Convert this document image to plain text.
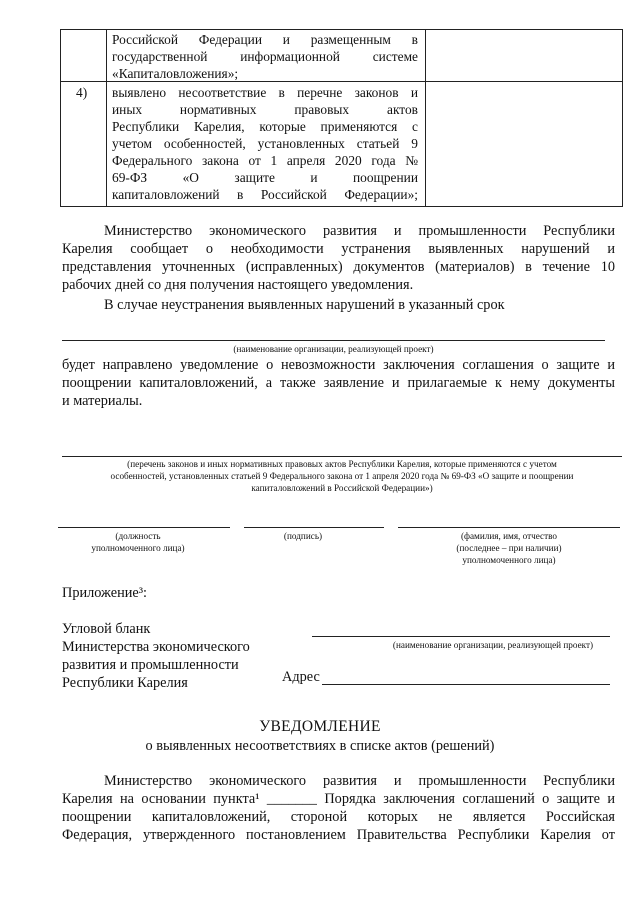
Российской Федерации и размещенным в
государственной информационной системе
«Капиталовложения»;
4) выявлено несоответствие в перечне законов и
иных нормативных правовых актов
Республики Карелия, которые применяются с
учетом особенностей, установленных статьей 9
Федерального закона от 1 апреля 2020 года №
69-ФЗ «О защите и поощрении
капиталовложений в Российской Федерации»;
Министерство экономического развития и промышленности Республики
Карелия сообщает о необходимости устранения выявленных нарушений и
представления уточненных (исправленных) документов (материалов) в течение 10
рабочих дней со дня получения настоящего уведомления.
В случае неустранения выявленных нарушений в указанный срок
(наименование организации, реализующей проект)
будет направлено уведомление о невозможности заключения соглашения о защите и
поощрении капиталовложений, а также заявление и прилагаемые к нему документы
и материалы.
(перечень законов и иных нормативных правовых актов Республики Карелия, которые применяются с учетом
особенностей, установленных статьей 9 Федерального закона от 1 апреля 2020 года № 69-ФЗ «О защите и поощрении
капиталовложений в Российской Федерации»)
(должность
уполномоченного лица)
(подпись)	(фамилия, имя, отчество
(последнее – при наличии)
уполномоченного лица)
Приложение³:
Угловой бланк
Министерства экономического
развития и промышленности
Республики Карелия
(наименование организации, реализующей проект)
Адрес
УВЕДОМЛЕНИЕ
о выявленных несоответствиях в списке актов (решений)
Министерство экономического развития и промышленности Республики
Карелия на основании пункта¹ _______ Порядка заключения соглашений о защите и
поощрении капиталовложений, стороной которых не является Российская
Федерация, утвержденного постановлением Правительства Республики Карелия от
